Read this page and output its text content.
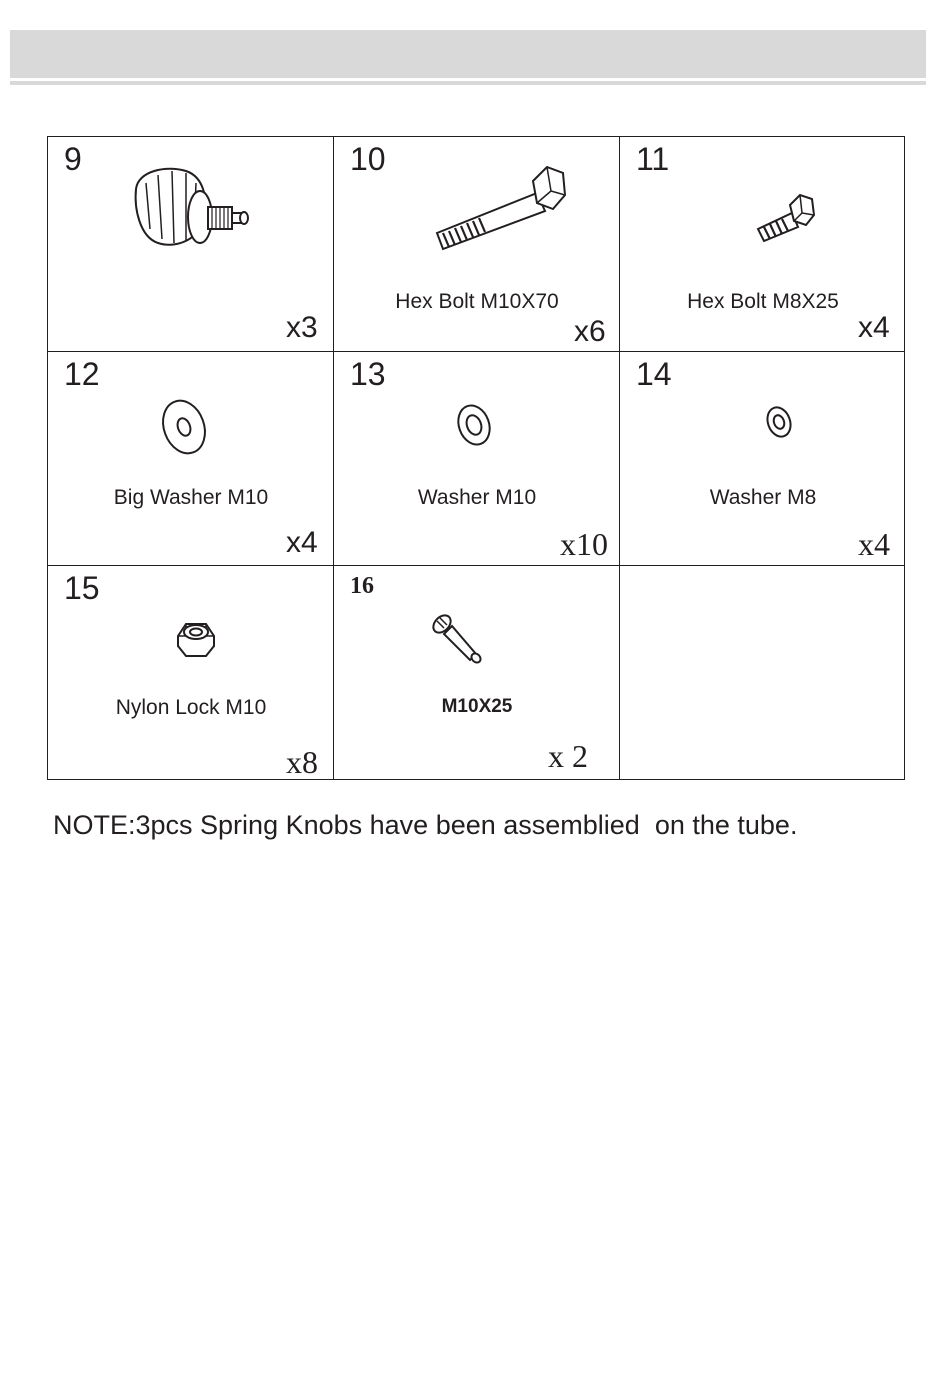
9
x3
10
Hex Bolt M10X70
x6
11
Hex Bolt M8X25
x4
12
Big Washer M10
x4
13
Washer M10
x10
14
Washer M8
x4
15
Nylon Lock M10
x8
16
M10X25
x 2
NOTE:3pcs Spring Knobs have been assemblied  on the tube.
